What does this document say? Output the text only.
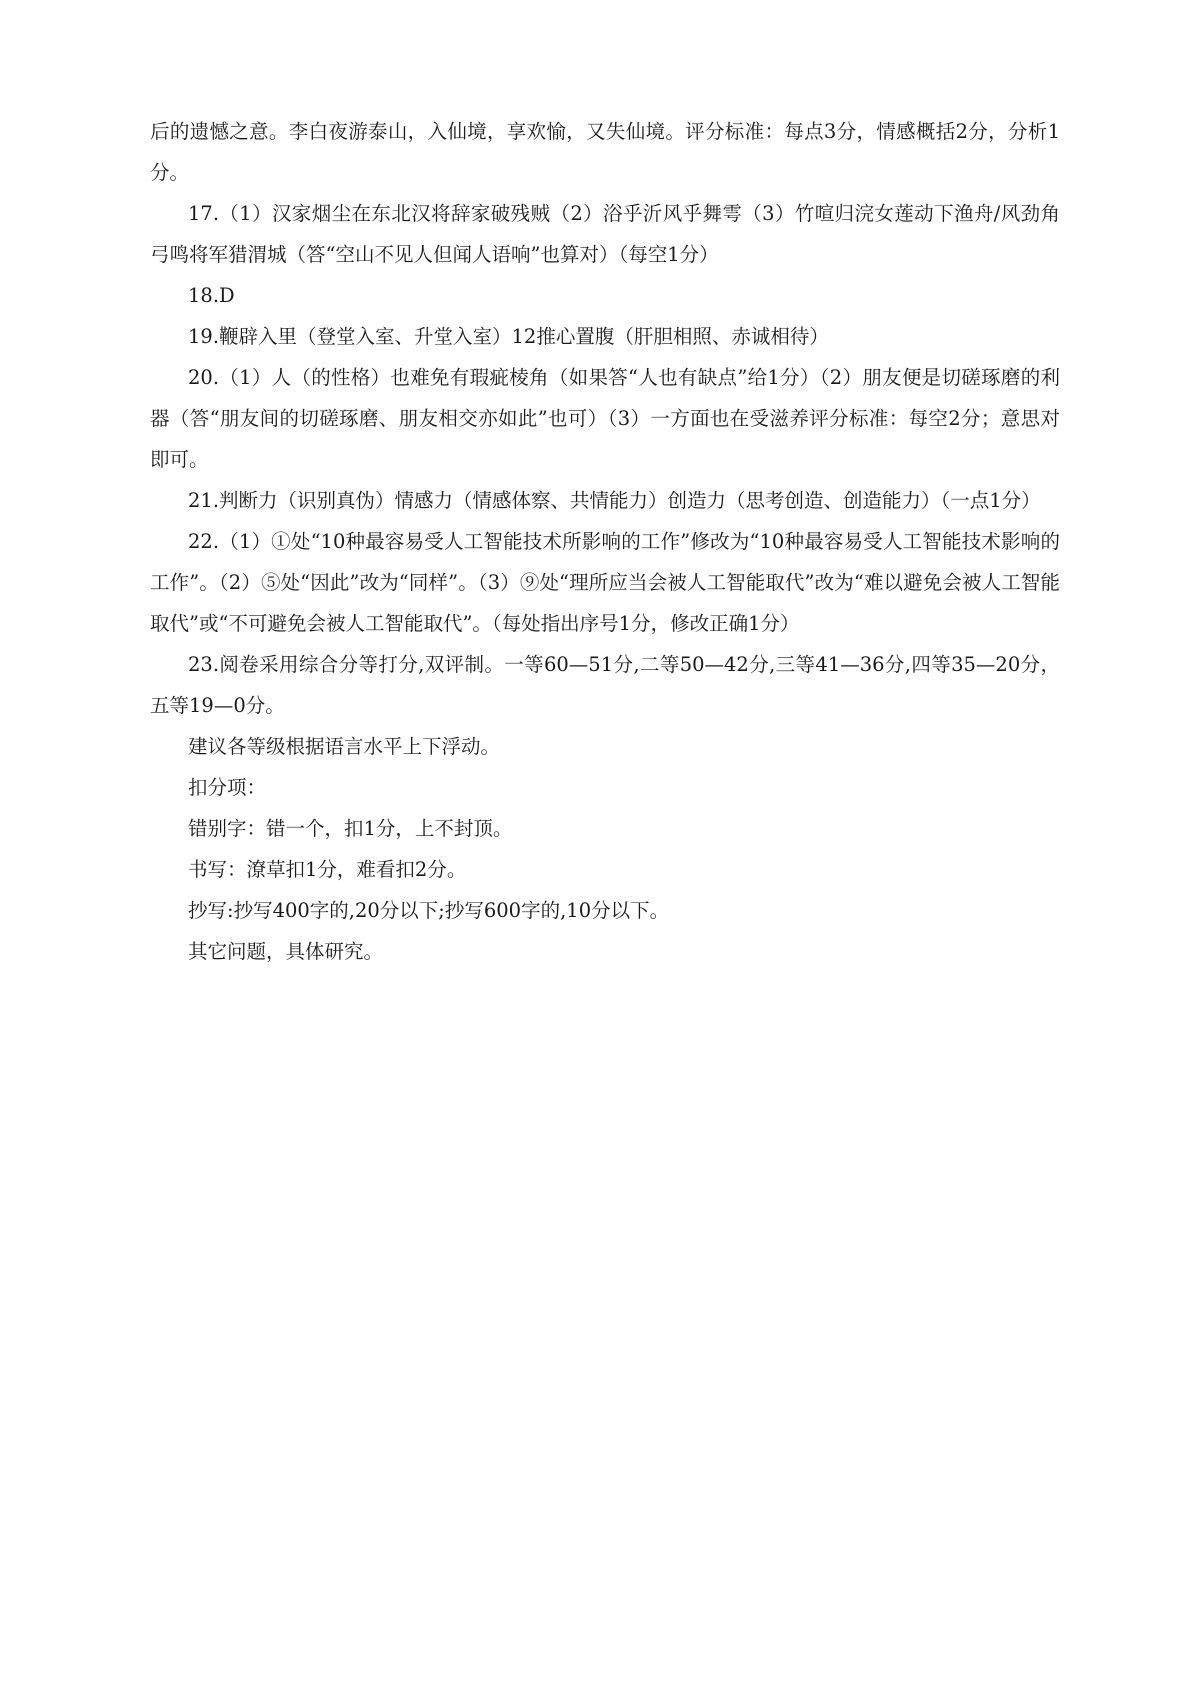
后的遗憾之意。李白夜游泰山，入仙境，享欢愉，又失仙境。评分标准：每点3分，情感概括2分，分析1分。

17.（1）汉家烟尘在东北汉将辞家破残贼（2）浴乎沂风乎舞雩（3）竹喧归浣女莲动下渔舟/风劲角弓鸣将军猎渭城（答“空山不见人但闻人语响”也算对）（每空1分）

18.D

19.鞭辟入里（登堂入室、升堂入室）12推心置腹（肝胆相照、赤诚相待）

20.（1）人（的性格）也难免有瑕疵棱角（如果答“人也有缺点”给1分）（2）朋友便是切磋琢磨的利器（答“朋友间的切磋琢磨、朋友相交亦如此”也可）（3）一方面也在受滋养评分标准：每空2分；意思对即可。

21.判断力（识别真伪）情感力（情感体察、共情能力）创造力（思考创造、创造能力）（一点1分）

22.（1）①处“10种最容易受人工智能技术所影响的工作”修改为“10种最容易受人工智能技术影响的工作”。（2）⑤处“因此”改为“同样”。（3）⑨处“理所应当会被人工智能取代”改为“难以避免会被人工智能取代”或“不可避免会被人工智能取代”。（每处指出序号1分，修改正确1分）

23.阅卷采用综合分等打分,双评制。一等60—51分,二等50—42分,三等41—36分,四等35—20分，五等19—0分。

建议各等级根据语言水平上下浮动。

扣分项：

错别字：错一个，扣1分，上不封顶。

书写：潦草扣1分，难看扣2分。

抄写:抄写400字的,20分以下;抄写600字的,10分以下。

其它问题，具体研究。
